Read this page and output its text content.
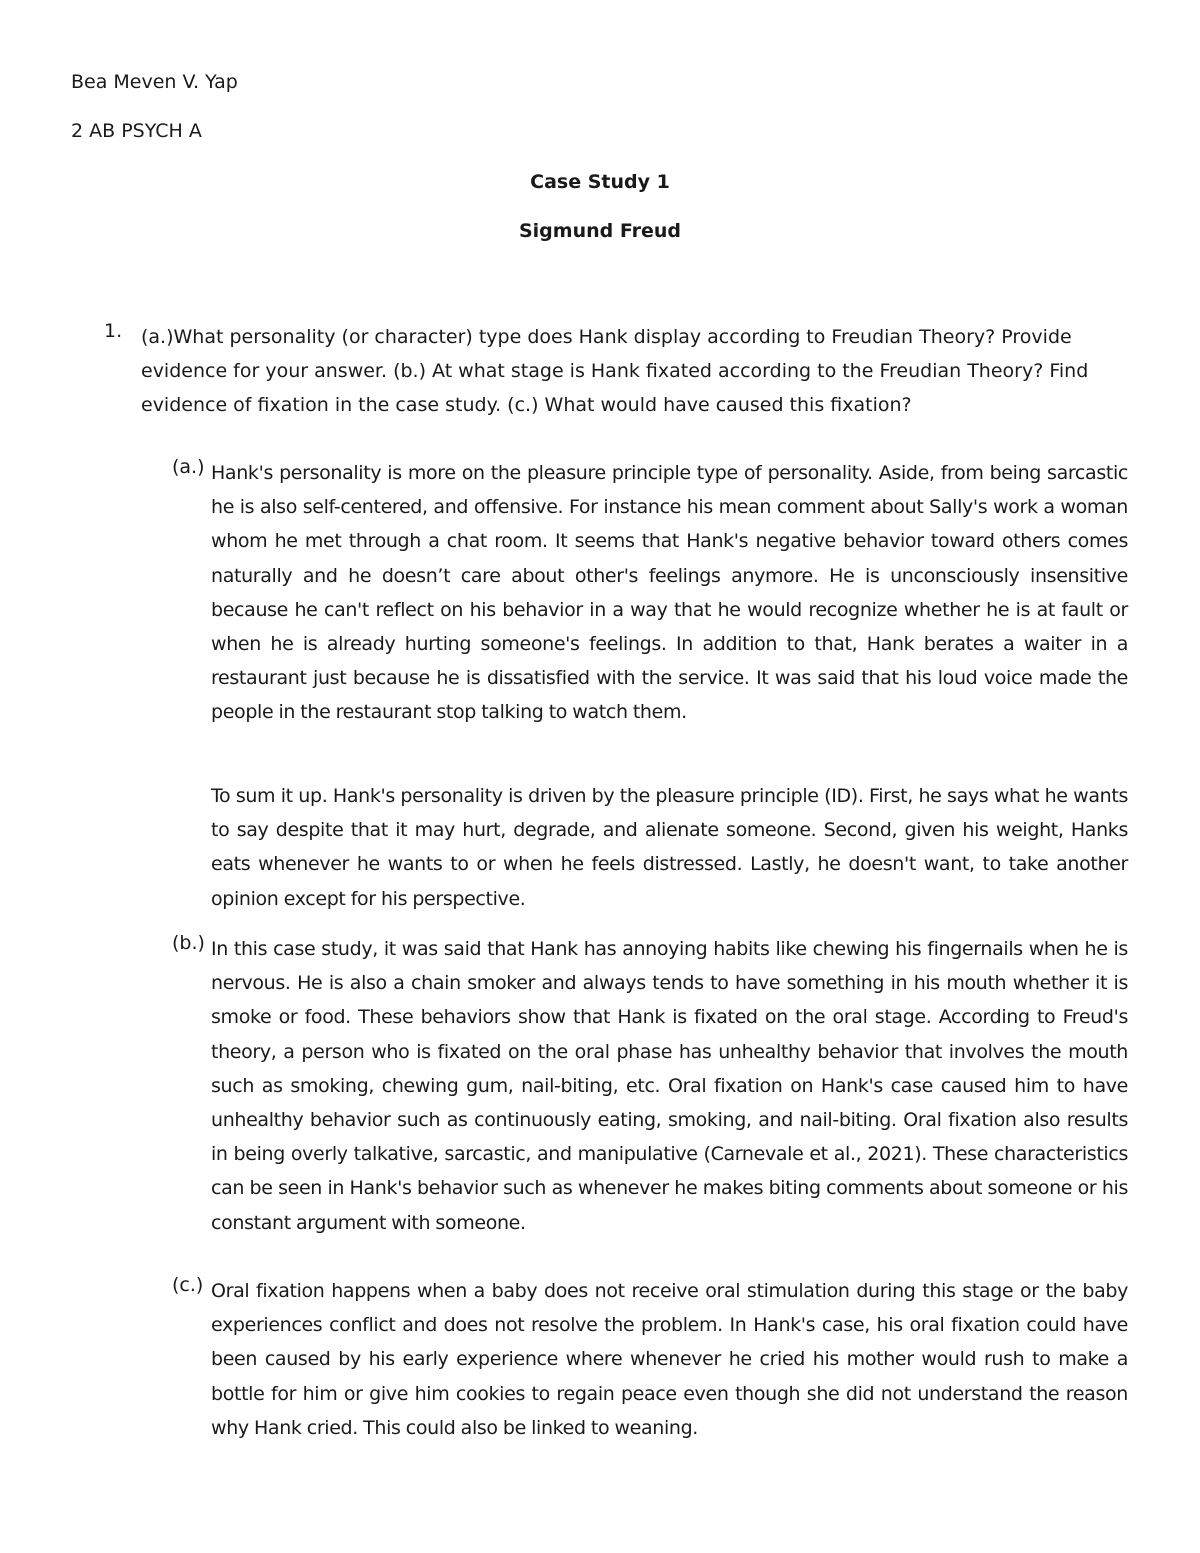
Bea Meven V. Yap
2 AB PSYCH A
Case Study 1
Sigmund Freud
1. (a.)What personality (or character) type does Hank display according to Freudian Theory? Provide evidence for your answer. (b.) At what stage is Hank fixated according to the Freudian Theory? Find evidence of fixation in the case study. (c.) What would have caused this fixation?
(a.) Hank's personality is more on the pleasure principle type of personality. Aside, from being sarcastic he is also self-centered, and offensive. For instance his mean comment about Sally's work a woman whom he met through a chat room. It seems that Hank's negative behavior toward others comes naturally and he doesn’t care about other's feelings anymore. He is unconsciously insensitive because he can't reflect on his behavior in a way that he would recognize whether he is at fault or when he is already hurting someone's feelings. In addition to that, Hank berates a waiter in a restaurant just because he is dissatisfied with the service. It was said that his loud voice made the people in the restaurant stop talking to watch them.
To sum it up. Hank's personality is driven by the pleasure principle (ID). First, he says what he wants to say despite that it may hurt, degrade, and alienate someone. Second, given his weight, Hanks eats whenever he wants to or when he feels distressed. Lastly, he doesn't want, to take another opinion except for his perspective.
(b.) In this case study, it was said that Hank has annoying habits like chewing his fingernails when he is nervous. He is also a chain smoker and always tends to have something in his mouth whether it is smoke or food. These behaviors show that Hank is fixated on the oral stage. According to Freud's theory, a person who is fixated on the oral phase has unhealthy behavior that involves the mouth such as smoking, chewing gum, nail-biting, etc. Oral fixation on Hank's case caused him to have unhealthy behavior such as continuously eating, smoking, and nail-biting. Oral fixation also results in being overly talkative, sarcastic, and manipulative (Carnevale et al., 2021). These characteristics can be seen in Hank's behavior such as whenever he makes biting comments about someone or his constant argument with someone.
(c.) Oral fixation happens when a baby does not receive oral stimulation during this stage or the baby experiences conflict and does not resolve the problem. In Hank's case, his oral fixation could have been caused by his early experience where whenever he cried his mother would rush to make a bottle for him or give him cookies to regain peace even though she did not understand the reason why Hank cried. This could also be linked to weaning.
